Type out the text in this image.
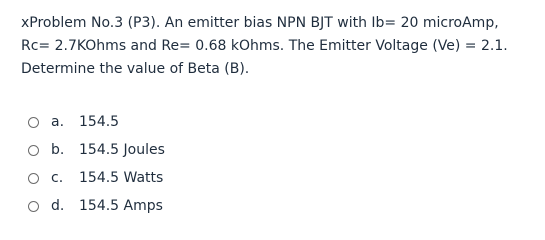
xProblem No.3 (P3). An emitter bias NPN BJT with Ib= 20 microAmp, Rc= 2.7KOhms and Re= 0.68 kOhms. The Emitter Voltage (Ve) = 2.1. Determine the value of Beta (B).
a.	154.5
b.	154.5 Joules
c.	154.5 Watts
d.	154.5 Amps
